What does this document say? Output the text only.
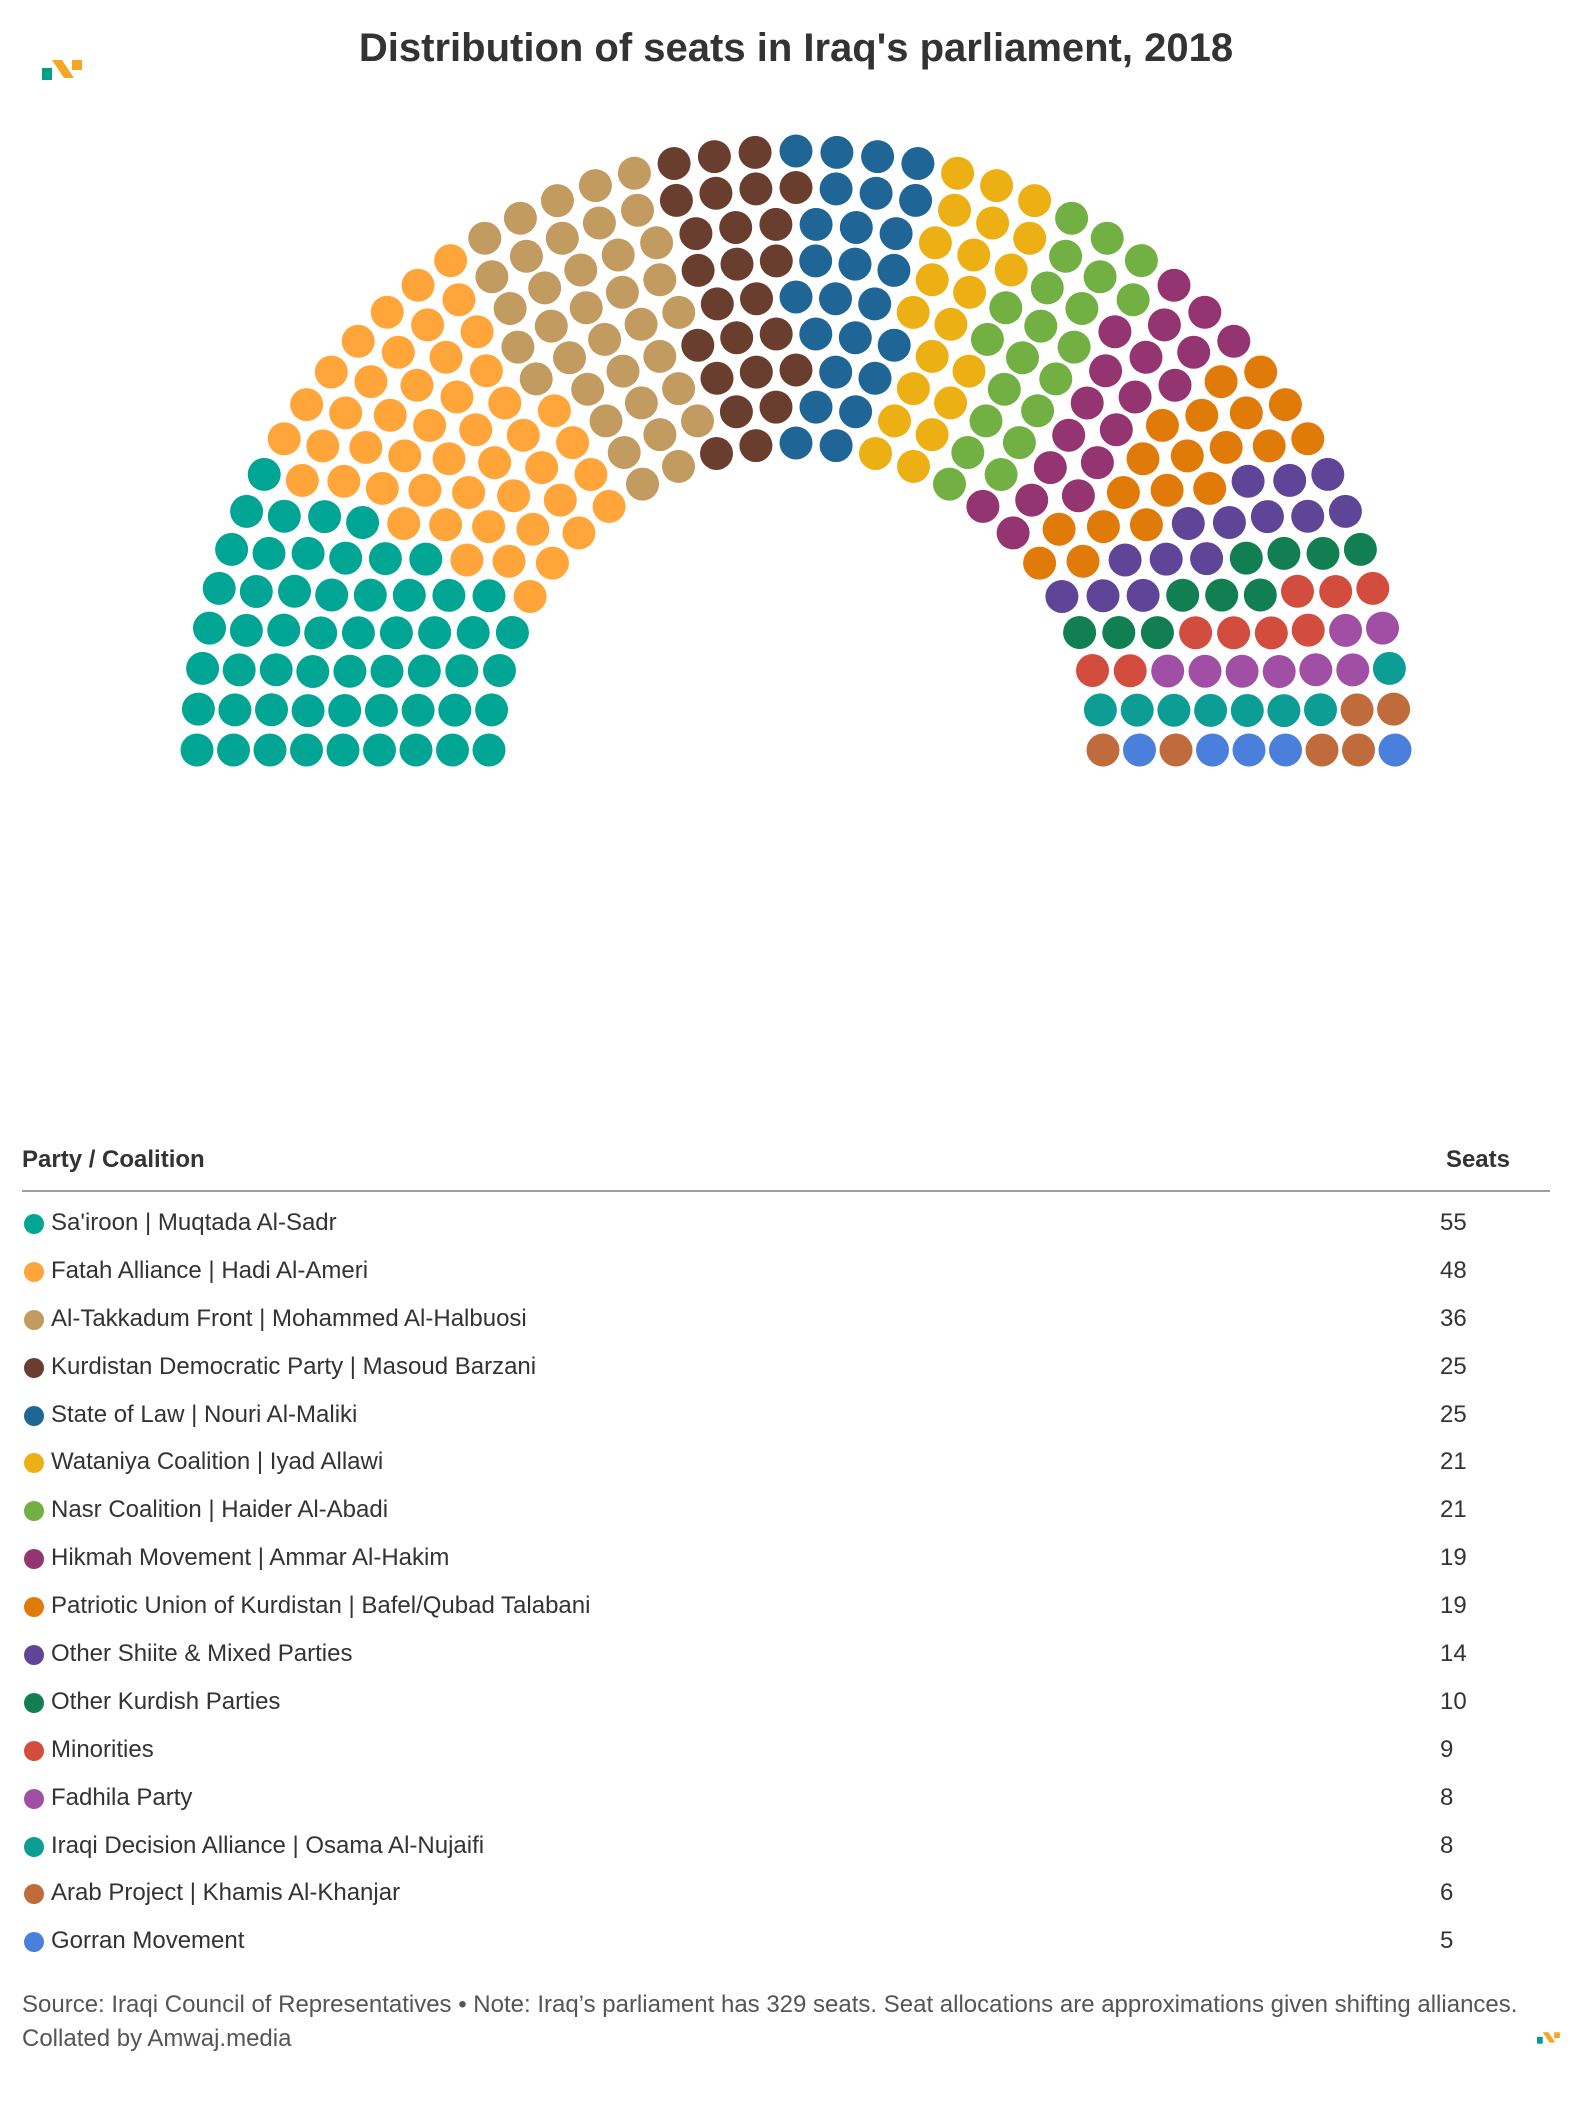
Distribution of seats in Iraq's parliament, 2018
Party / Coalition	Seats
Sa'iroon | Muqtada Al-Sadr	55
Fatah Alliance | Hadi Al-Ameri	48
Al-Takkadum Front | Mohammed Al-Halbuosi	36
Kurdistan Democratic Party | Masoud Barzani	25
State of Law | Nouri Al-Maliki	25
Wataniya Coalition | Iyad Allawi	21
Nasr Coalition | Haider Al-Abadi	21
Hikmah Movement | Ammar Al-Hakim	19
Patriotic Union of Kurdistan | Bafel/Qubad Talabani	19
Other Shiite & Mixed Parties	14
Other Kurdish Parties	10
Minorities	9
Fadhila Party	8
Iraqi Decision Alliance | Osama Al-Nujaifi	8
Arab Project | Khamis Al-Khanjar	6
Gorran Movement	5
Source: Iraqi Council of Representatives • Note: Iraq’s parliament has 329 seats. Seat allocations are approximations given shifting alliances.
Collated by Amwaj.media
